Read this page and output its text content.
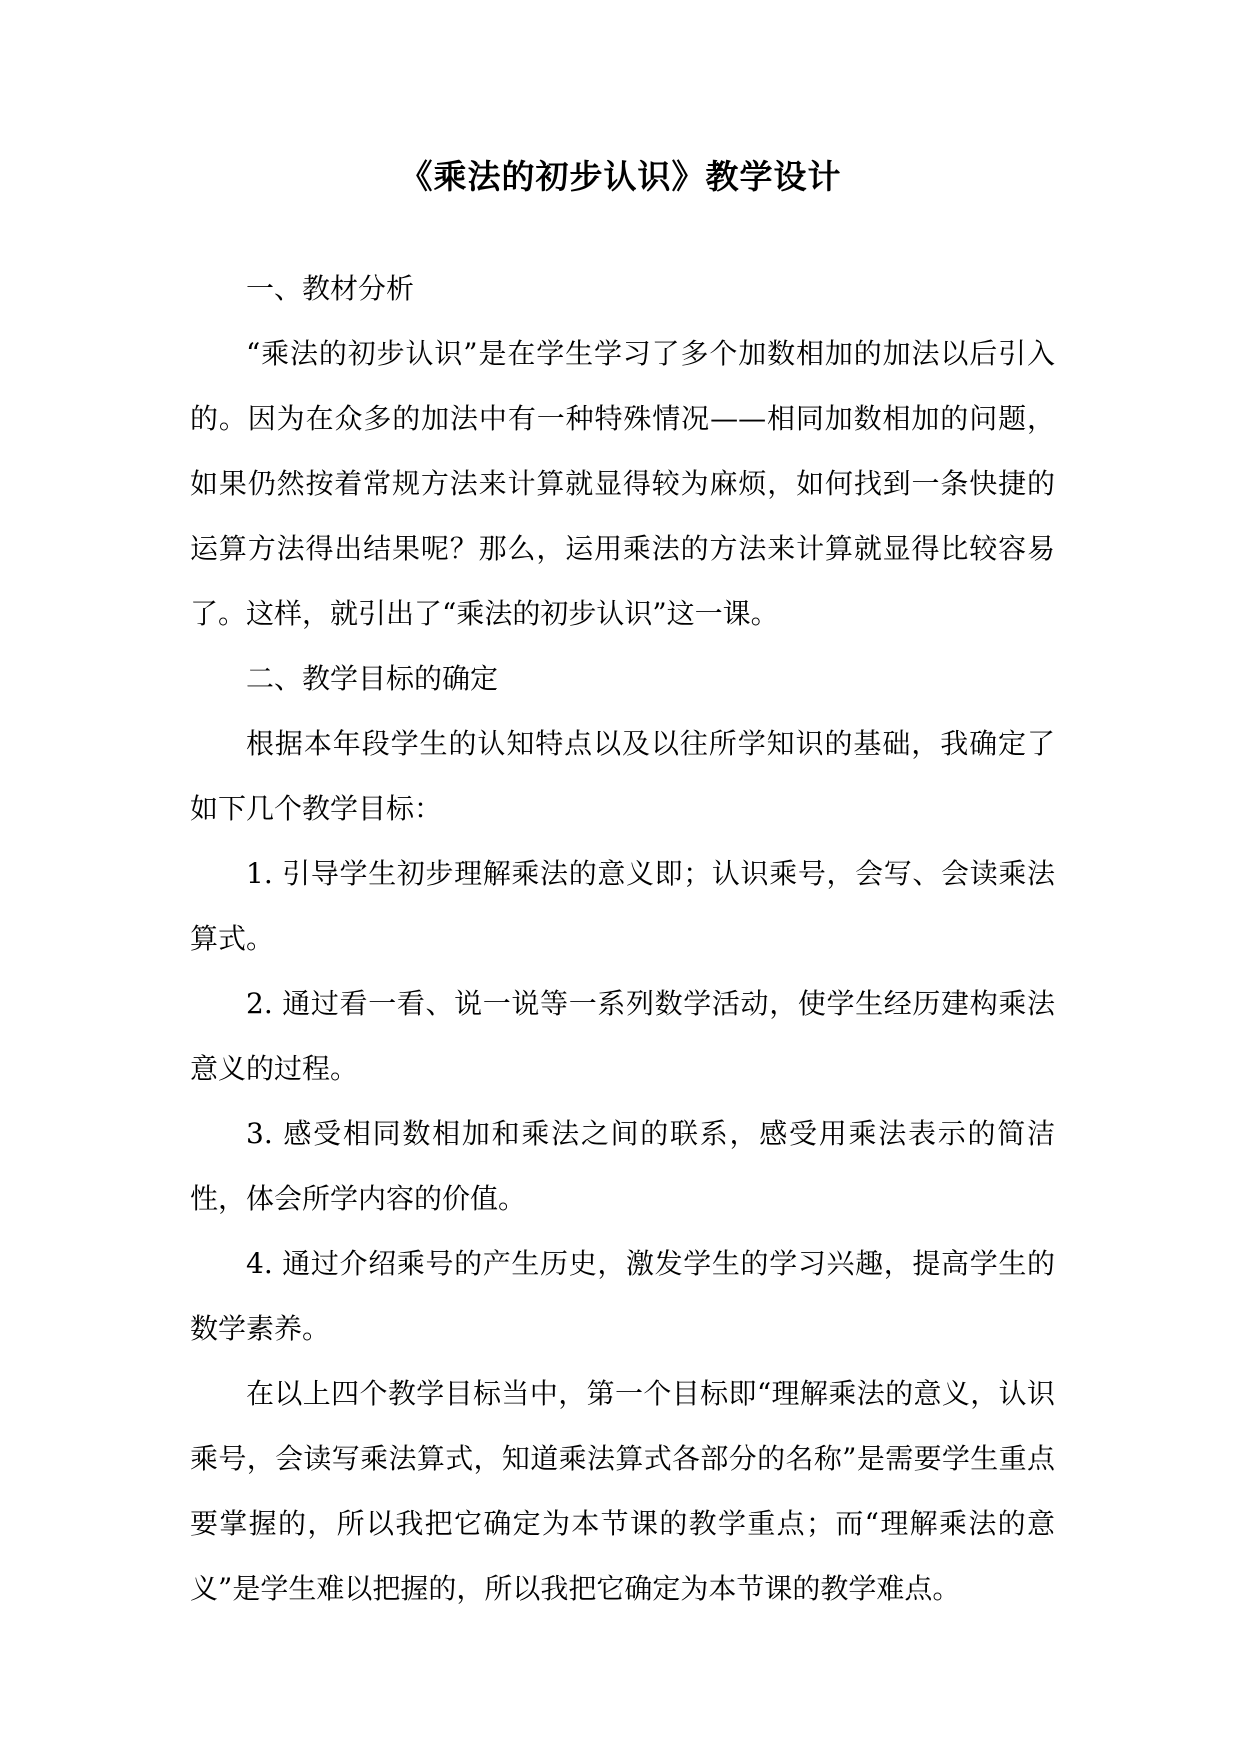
《乘法的初步认识》教学设计

一、教材分析

“乘法的初步认识”是在学生学习了多个加数相加的加法以后引入的。因为在众多的加法中有一种特殊情况——相同加数相加的问题，如果仍然按着常规方法来计算就显得较为麻烦，如何找到一条快捷的运算方法得出结果呢？那么，运用乘法的方法来计算就显得比较容易了。这样，就引出了“乘法的初步认识”这一课。

二、教学目标的确定

根据本年段学生的认知特点以及以往所学知识的基础，我确定了如下几个教学目标：

1. 引导学生初步理解乘法的意义即；认识乘号，会写、会读乘法算式。

2. 通过看一看、说一说等一系列数学活动，使学生经历建构乘法意义的过程。

3. 感受相同数相加和乘法之间的联系，感受用乘法表示的简洁性，体会所学内容的价值。

4. 通过介绍乘号的产生历史，激发学生的学习兴趣，提高学生的数学素养。

在以上四个教学目标当中，第一个目标即“理解乘法的意义，认识乘号，会读写乘法算式，知道乘法算式各部分的名称”是需要学生重点要掌握的，所以我把它确定为本节课的教学重点；而“理解乘法的意义”是学生难以把握的，所以我把它确定为本节课的教学难点。
